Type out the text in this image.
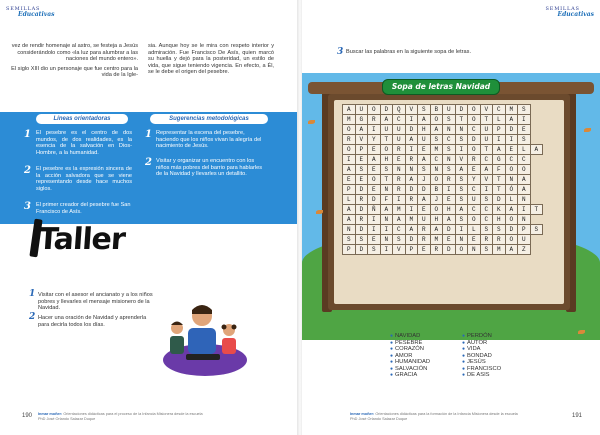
SEMILLAS
Educativas

vez de rendir homenaje al astro, se festeja a Jesús considerándolo como «la luz para alumbrar a las naciones del mundo entero».

El siglo XIII dio un personaje que fue centro para la vida de la Igle-

sia. Aunque hoy se le mira con respeto interior y admiración. Fue Francisco De Asís, quien marcó su huella y dejó para la posteridad, un estilo de vida, que sigue teniendo vigencia. En efecto, a Él, se le debe el origen del pesebre.

Líneas orientadoras	Sugerencias metodológicas
1 El pesebre es el centro de dos mundos, de dos realidades, es la esencia de la salvación en Dios-Hombre, a la humanidad.
2 El pesebre es la expresión sincera de la acción salvadora que se viene representando desde hace muchos siglos.
3 El primer creador del pesebre fue San Francisco de Asís.
1 Representar la escena del pesebre, haciendo que los niños vivan la alegría del nacimiento de Jesús.
2 Visitar y organizar un encuentro con los niños más pobres del barrio para hablarles de la Navidad y llevarles un detallito.
Taller
1 Visitar con el asesor el ancianato y a los niños pobres y llevarles el mensaje misionero de la Navidad.
2 Hacer una oración de Navidad y aprenderla para decirla todos los días.
Inmar moñer: Orientaciones didácticas para el proceso de la Infancia Misionera desde la escuela
PhD José Orlando Salazar Duque
190
SEMILLAS
Educativas
3 Buscar las palabras en la siguiente sopa de letras.
Sopa de letras Navidad
A	U	O	D	Q	V	S	B	U	D	O	V	C	M	S	
M	G	R	A	C	I	A	O	S	T	O	T	L	A	I	
O	A	I	U	U	D	H	A	N	N	C	U	P	D	E	
R	V	Y	T	U	A	U	S	C	S	D	U	I	I	S	
O	P	E	O	R	I	E	M	S	I	O	T	A	E	L	A
I	E	A	H	E	R	A	C	N	V	R	C	G	C	C	
A	S	E	S	N	N	S	N	S	A	E	A	F	O	O	
E	E	O	T	R	A	J	O	R	S	Y	V	T	N	A	
P	D	E	N	R	D	D	B	I	S	C	I	T	Ó	A	
L	R	D	F	I	R	A	J	E	S	U	S	D	L	N	
A	D	Ñ	A	M	I	E	O	H	A	C	C	K	A	I	T
A	R	I	N	A	M	U	H	A	S	O	C	H	O	N	
N	D	I	I	C	A	R	A	D	I	L	S	S	D	P	S
S	S	E	N	S	D	R	M	E	N	E	R	R	O	U	
P	D	S	I	V	P	E	R	D	O	N	S	M	A	Z	
● NAVIDAD
● PESEBRE
● CORAZÓN
● AMOR
● HUMANIDAD
● SALVACIÓN
● GRACIA
● PERDÓN
● AUTOR
● VIDA
● BONDAD
● JESÚS
● FRANCISCO
● DE ASIS
Inmar moñer: Orientaciones didácticas para la formación de la Infancia Misionera desde la escuela
PhD José Orlando Salazar Duque	191
